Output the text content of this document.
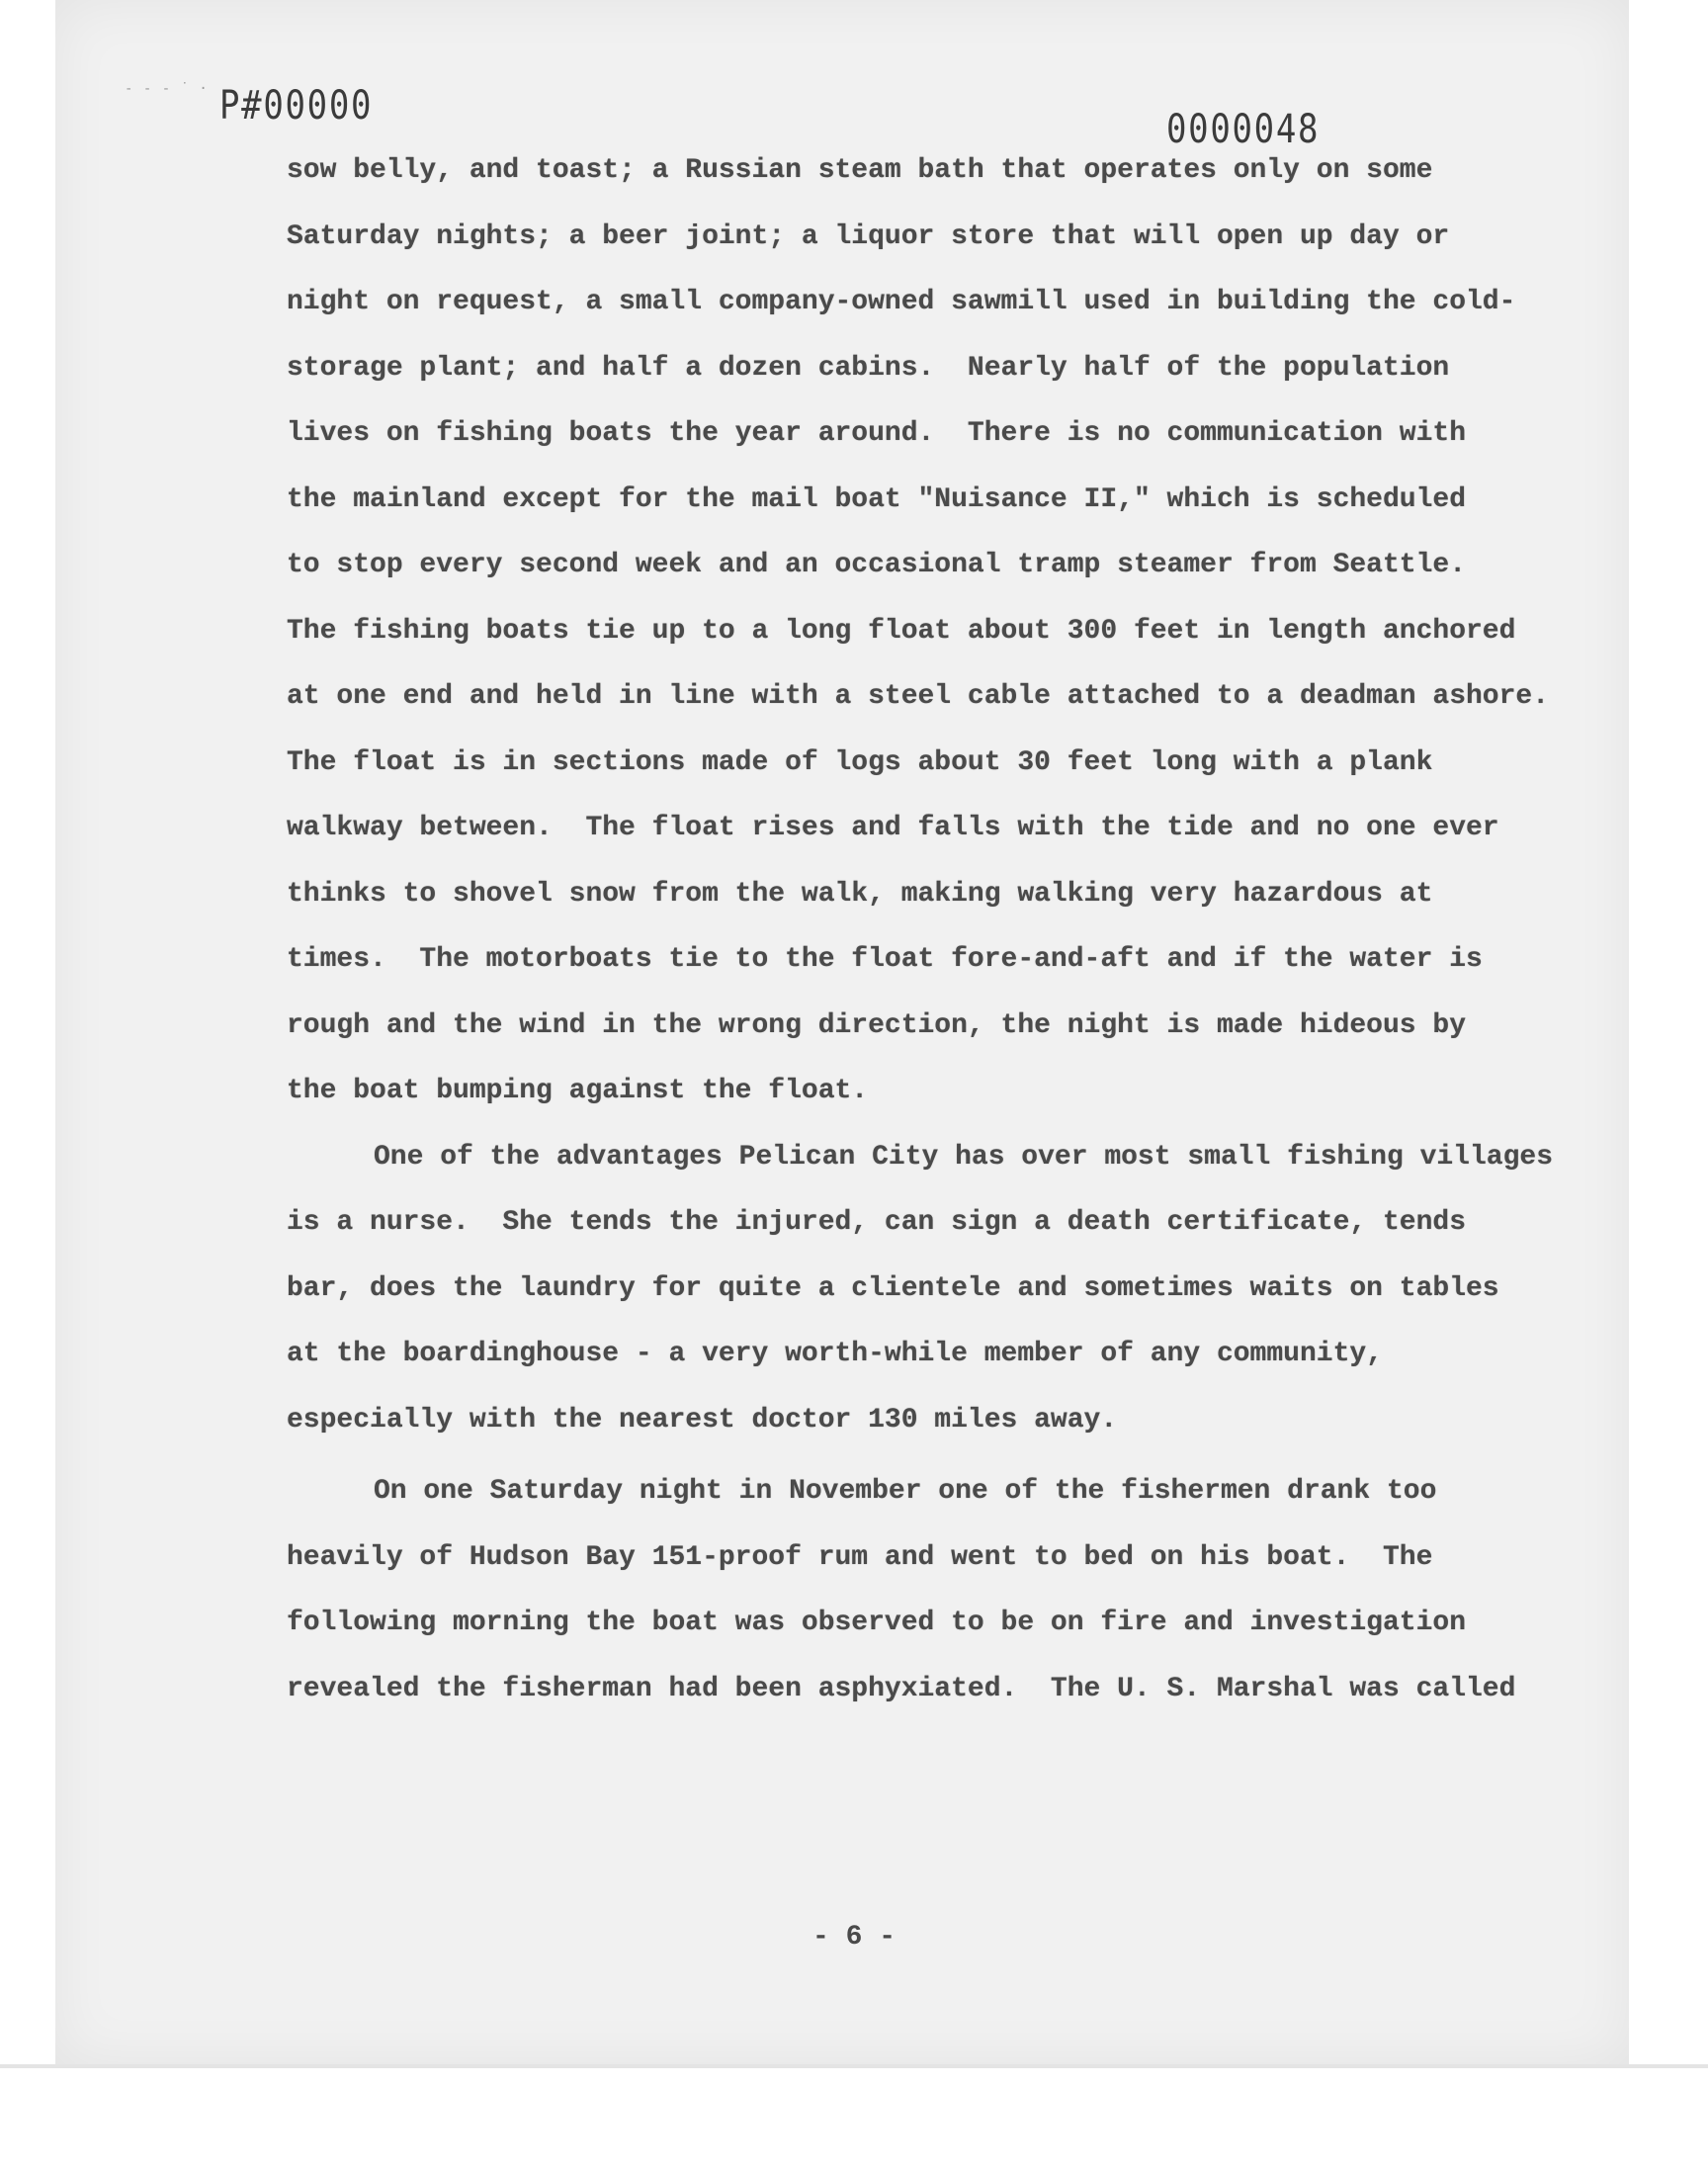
- - - ˙ · P#00000
0000048
sow belly, and toast; a Russian steam bath that operates only on some
Saturday nights; a beer joint; a liquor store that will open up day or
night on request, a small company-owned sawmill used in building the cold-
storage plant; and half a dozen cabins.  Nearly half of the population
lives on fishing boats the year around.  There is no communication with
the mainland except for the mail boat "Nuisance II," which is scheduled
to stop every second week and an occasional tramp steamer from Seattle.
The fishing boats tie up to a long float about 300 feet in length anchored
at one end and held in line with a steel cable attached to a deadman ashore.
The float is in sections made of logs about 30 feet long with a plank
walkway between.  The float rises and falls with the tide and no one ever
thinks to shovel snow from the walk, making walking very hazardous at
times.  The motorboats tie to the float fore-and-aft and if the water is
rough and the wind in the wrong direction, the night is made hideous by
the boat bumping against the float.
One of the advantages Pelican City has over most small fishing villages
is a nurse.  She tends the injured, can sign a death certificate, tends
bar, does the laundry for quite a clientele and sometimes waits on tables
at the boardinghouse - a very worth-while member of any community,
especially with the nearest doctor 130 miles away.
On one Saturday night in November one of the fishermen drank too
heavily of Hudson Bay 151-proof rum and went to bed on his boat.  The
following morning the boat was observed to be on fire and investigation
revealed the fisherman had been asphyxiated.  The U. S. Marshal was called
- 6 -
